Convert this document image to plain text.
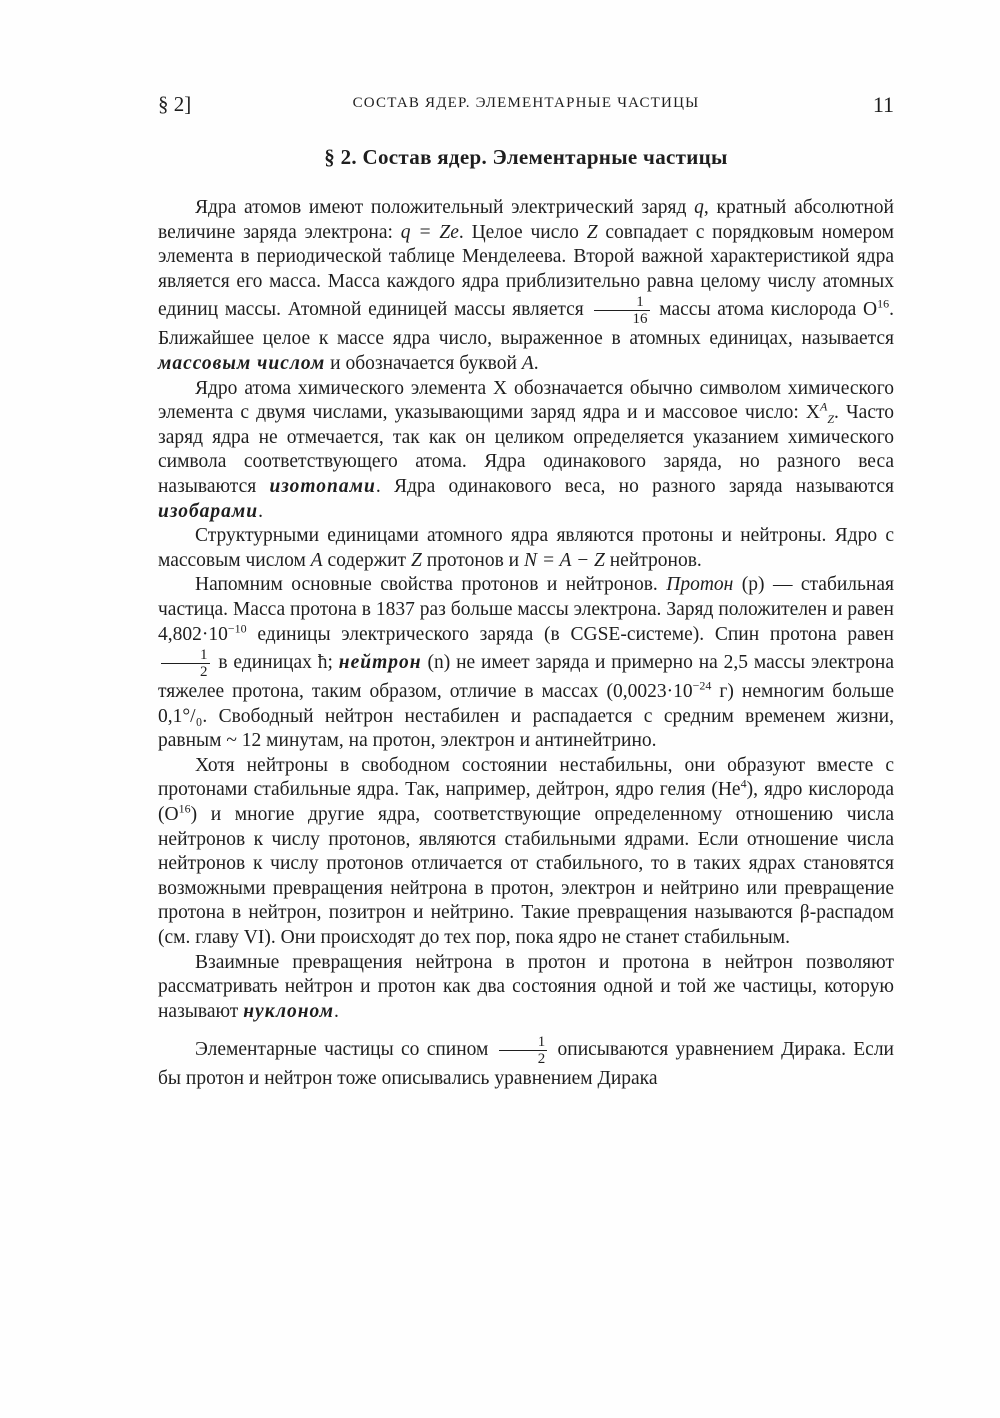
§ 2]	СОСТАВ ЯДЕР. ЭЛЕМЕНТАРНЫЕ ЧАСТИЦЫ	11
§ 2. Состав ядер. Элементарные частицы

Ядра атомов имеют положительный электрический заряд q, кратный абсолютной величине заряда электрона: q = Ze. Целое число Z совпадает с порядковым номером элемента в периодической таблице Менделеева. Второй важной характеристикой ядра является его масса. Масса каждого ядра приблизительно равна целому числу атомных единиц массы. Атомной единицей массы является $\frac{1}{16}$ массы атома кислорода $O^{16}$. Ближайшее целое к массе ядра число, выраженное в атомных единицах, называется массовым числом и обозначается буквой A.

Ядро атома химического элемента X обозначается обычно символом химического элемента с двумя числами, указывающими заряд ядра и и массовое число: $X^A_Z$. Часто заряд ядра не отмечается, так как он целиком определяется указанием химического символа соответствующего атома. Ядра одинакового заряда, но разного веса называются изотопами. Ядра одинакового веса, но разного заряда называются изобарами.

Структурными единицами атомного ядра являются протоны и нейтроны. Ядро с массовым числом A содержит Z протонов и N = A − Z нейтронов.

Напомним основные свойства протонов и нейтронов. Протон (p) — стабильная частица. Масса протона в 1837 раз больше массы электрона. Заряд положителен и равен $4,802\cdot 10^{-10}$ единицы электрического заряда (в CGSE-системе). Спин протона равен
$\frac{1}{2}$ в единицах ħ; нейтрон (n) не имеет заряда и примерно на 2,5 массы электрона тяжелее протона, таким образом, отличие в массах ($0,0023\cdot 10^{-24}$ г) немногим больше 0,1°/₀. Свободный нейтрон нестабилен и распадается с средним временем жизни, равным ~ 12 минутам, на протон, электрон и антинейтрино.

Хотя нейтроны в свободном состоянии нестабильны, они образуют вместе с протонами стабильные ядра. Так, например, дейтрон, ядро гелия (He$^4$), ядро кислорода $(O^{16})$ и многие другие ядра, соответствующие определенному отношению числа нейтронов к числу протонов, являются стабильными ядрами. Если отношение числа нейтронов к числу протонов отличается от стабильного, то в таких ядрах становятся возможными превращения нейтрона в протон, электрон и нейтрино или превращение протона в нейтрон, позитрон и нейтрино. Такие превращения называются β-распадом (см. главу VI). Они происходят до тех пор, пока ядро не станет стабильным.

Взаимные превращения нейтрона в протон и протона в нейтрон позволяют рассматривать нейтрон и протон как два состояния одной и той же частицы, которую называют нуклоном.

Элементарные частицы со спином $\frac{1}{2}$ описываются уравнением Дирака. Если бы протон и нейтрон тоже описывались уравнением Дирака
